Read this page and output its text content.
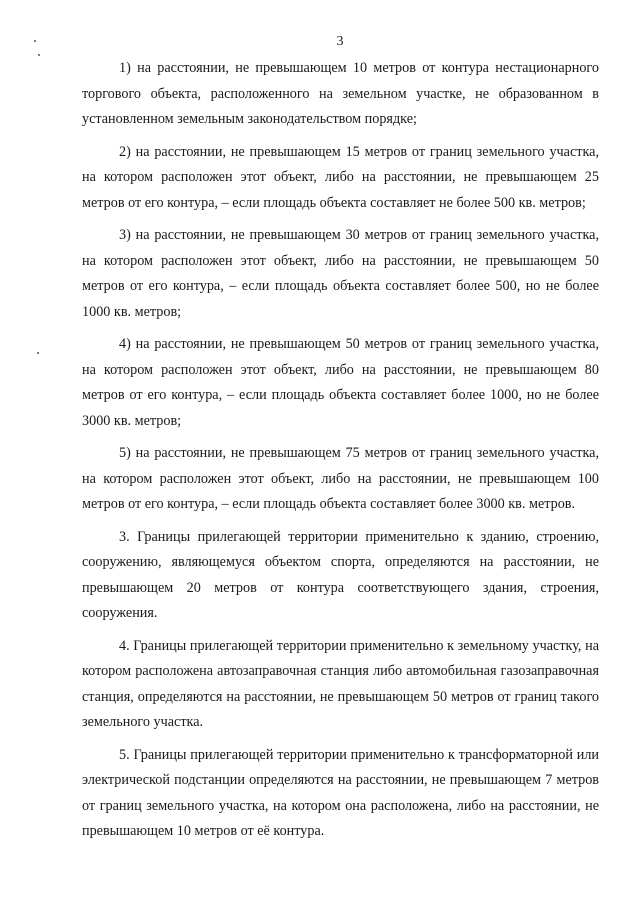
3

1) на расстоянии, не превышающем 10 метров от контура нестационарного торгового объекта, расположенного на земельном участке, не образованном в установленном земельным законодательством порядке;

2) на расстоянии, не превышающем 15 метров от границ земельного участка, на котором расположен этот объект, либо на расстоянии, не превышающем 25 метров от его контура, – если площадь объекта составляет не более 500 кв. метров;

3) на расстоянии, не превышающем 30 метров от границ земельного участка, на котором расположен этот объект, либо на расстоянии, не превышающем 50 метров от его контура, – если площадь объекта составляет более 500, но не более 1000 кв. метров;

4) на расстоянии, не превышающем 50 метров от границ земельного участка, на котором расположен этот объект, либо на расстоянии, не превышающем 80 метров от его контура, – если площадь объекта составляет более 1000, но не более 3000 кв. метров;

5) на расстоянии, не превышающем 75 метров от границ земельного участка, на котором расположен этот объект, либо на расстоянии, не превышающем 100 метров от его контура, – если площадь объекта составляет более 3000 кв. метров.

3. Границы прилегающей территории применительно к зданию, строению, сооружению, являющемуся объектом спорта, определяются на расстоянии, не превышающем 20 метров от контура соответствующего здания, строения, сооружения.

4. Границы прилегающей территории применительно к земельному участку, на котором расположена автозаправочная станция либо автомобильная газозаправочная станция, определяются на расстоянии, не превышающем 50 метров от границ такого земельного участка.

5. Границы прилегающей территории применительно к трансформаторной или электрической подстанции определяются на расстоянии, не превышающем 7 метров от границ земельного участка, на котором она расположена, либо на расстоянии, не превышающем 10 метров от её контура.
